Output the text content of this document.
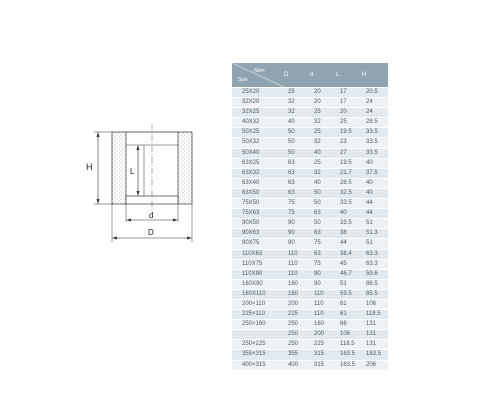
H	L
d
D
Nom
Size	D	d	L	H
25X20	25	20	17	20.5
32X20	32	20	17	24
32X25	32	25	20	24
40X32	40	32	25	28.5
50X25	50	25	19.5	33.5
50X32	50	32	23	33.5
50X40	50	40	27	33.5
63X25	63	25	19.5	40
63X32	63	32	21.7	37.5
63X40	63	40	28.5	40
63X50	63	50	32.5	40
75X50	75	50	33.5	44
75X63	75	63	40	44
90X50	90	50	33.5	51
90X63	90	63	38	51.3
90X75	90	75	44	51
110X63	110	63	38.4	63.3
110X75	110	75	45	63.3
110X90	110	90	46.7	59.6
160X90	160	90	51	86.5
160X110	160	110	59.5	85.5
200×110	200	110	61	106
225×110	225	110	61	118.5
250×160	250	160	86	131
	250	200	106	131
250×225	250	225	118.5	131
355×315	355	315	163.5	183.5
400×315	400	315	163.5	206
